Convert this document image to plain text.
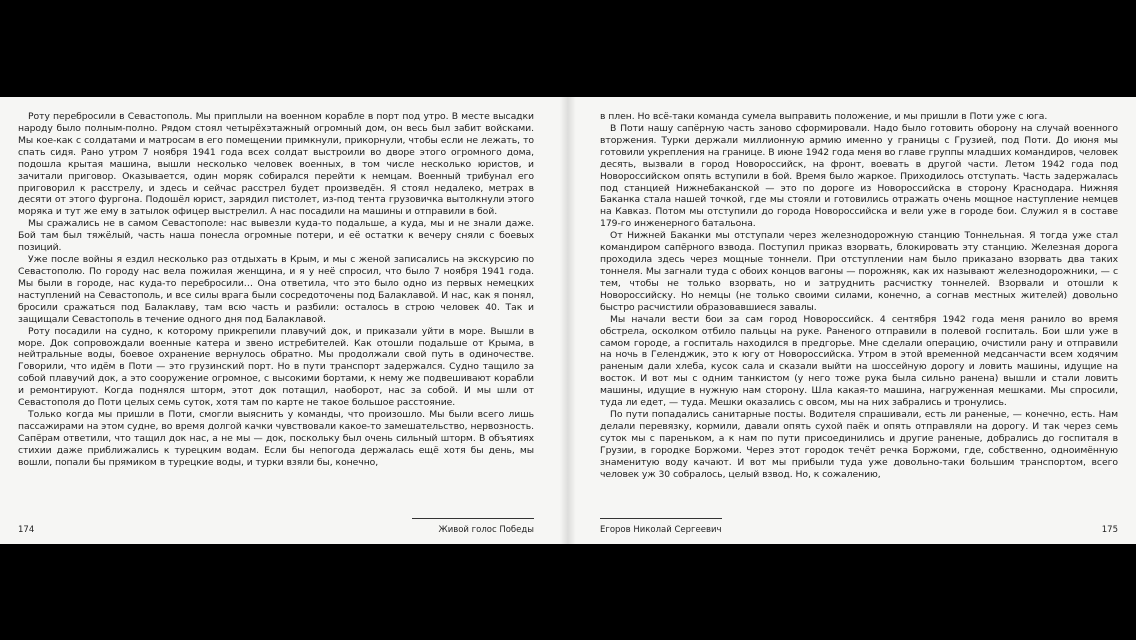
Роту перебросили в Севастополь. Мы приплыли на военном корабле в порт под утро. В месте высадки народу было полным-полно. Рядом стоял четырёхэтажный огромный дом, он весь был забит войсками. Мы кое-как с солдатами и матросам в его помещении примкнули, прикорнули, чтобы если не лежать, то спать сидя. Рано утром 7 ноября 1941 года всех солдат выстроили во дворе этого огромного дома, подошла крытая машина, вышли несколько человек военных, в том числе несколько юристов, и зачитали приговор. Оказывается, один моряк собирался перейти к немцам. Военный трибунал его приговорил к расстрелу, и здесь и сейчас расстрел будет произведён. Я стоял недалеко, метрах в десяти от этого фургона. Подошёл юрист, зарядил пистолет, из-под тента грузовичка вытолкнули этого моряка и тут же ему в затылок офицер выстрелил. А нас посадили на машины и отправили в бой.

Мы сражались не в самом Севастополе: нас вывезли куда-то подальше, а куда, мы и не знали даже. Бой там был тяжёлый, часть наша понесла огромные потери, и её остатки к вечеру сняли с боевых позиций.

Уже после войны я ездил несколько раз отдыхать в Крым, и мы с женой записались на экскурсию по Севастополю. По городу нас вела пожилая женщина, и я у неё спросил, что было 7 ноября 1941 года. Мы были в городе, нас куда-то перебросили… Она ответила, что это было одно из первых немецких наступлений на Севастополь, и все силы врага были сосредоточены под Балаклавой. И нас, как я понял, бросили сражаться под Балаклаву, там всю часть и разбили: осталось в строю человек 40. Так и защищали Севастополь в течение одного дня под Балаклавой.

Роту посадили на судно, к которому прикрепили плавучий док, и приказали уйти в море. Вышли в море. Док сопровождали военные катера и звено истребителей. Как отошли подальше от Крыма, в нейтральные воды, боевое охранение вернулось обратно. Мы продолжали свой путь в одиночестве. Говорили, что идём в Поти — это грузинский порт. Но в пути транспорт задержался. Судно тащило за собой плавучий док, а это сооружение огромное, с высокими бортами, к нему же подвешивают корабли и ремонтируют. Когда поднялся шторм, этот док потащил, наоборот, нас за собой. И мы шли от Севастополя до Поти целых семь суток, хотя там по карте не такое большое расстояние.

Только когда мы пришли в Поти, смогли выяснить у команды, что произошло. Мы были всего лишь пассажирами на этом судне, во время долгой качки чувствовали какое-то замешательство, нервозность. Сапёрам ответили, что тащил док нас, а не мы — док, поскольку был очень сильный шторм. В объятиях стихии даже приближались к турецким водам. Если бы непогода держалась ещё хотя бы день, мы вошли, попали бы прямиком в турецкие воды, и турки взяли бы, конечно,

174	Живой голос Победы

в плен. Но всё-таки команда сумела выправить положение, и мы пришли в Поти уже с юга.

В Поти нашу сапёрную часть заново сформировали. Надо было готовить оборону на случай военного вторжения. Турки держали миллионную армию именно у границы с Грузией, под Поти. До июня мы готовили укрепления на границе. В июне 1942 года меня во главе группы младших командиров, человек десять, вызвали в город Новороссийск, на фронт, воевать в другой части. Летом 1942 года под Новороссийском опять вступили в бой. Время было жаркое. Приходилось отступать. Часть задержалась под станцией Нижнебаканской — это по дороге из Новороссийска в сторону Краснодара. Нижняя Баканка стала нашей точкой, где мы стояли и готовились отражать очень мощное наступление немцев на Кавказ. Потом мы отступили до города Новороссийска и вели уже в городе бои. Служил я в составе 179-го инженерного батальона.

От Нижней Баканки мы отступали через железнодорожную станцию Тоннельная. Я тогда уже стал командиром сапёрного взвода. Поступил приказ взорвать, блокировать эту станцию. Железная дорога проходила здесь через мощные тоннели. При отступлении нам было приказано взорвать два таких тоннеля. Мы загнали туда с обоих концов вагоны — порожняк, как их называют железнодорожники, — с тем, чтобы не только взорвать, но и затруднить расчистку тоннелей. Взорвали и отошли к Новороссийску. Но немцы (не только своими силами, конечно, а согнав местных жителей) довольно быстро расчистили образовавшиеся завалы.

Мы начали вести бои за сам город Новороссийск. 4 сентября 1942 года меня ранило во время обстрела, осколком отбило пальцы на руке. Раненого отправили в полевой госпиталь. Бои шли уже в самом городе, а госпиталь находился в предгорье. Мне сделали операцию, очистили рану и отправили на ночь в Геленджик, это к югу от Новороссийска. Утром в этой временной медсанчасти всем ходячим раненым дали хлеба, кусок сала и сказали выйти на шоссейную дорогу и ловить машины, идущие на восток. И вот мы с одним танкистом (у него тоже рука была сильно ранена) вышли и стали ловить машины, идущие в нужную нам сторону. Шла какая-то машина, нагруженная мешками. Мы спросили, туда ли едет, — туда. Мешки оказались с овсом, мы на них забрались и тронулись.

По пути попадались санитарные посты. Водителя спрашивали, есть ли раненые, — конечно, есть. Нам делали перевязку, кормили, давали опять сухой паёк и опять отправляли на дорогу. И так через семь суток мы с пареньком, а к нам по пути присоединились и другие раненые, добрались до госпиталя в Грузии, в городке Боржоми. Через этот городок течёт речка Боржоми, где, собственно, одноимённую знаменитую воду качают. И вот мы прибыли туда уже довольно-таки большим транспортом, всего человек уж 30 собралось, целый взвод. Но, к сожалению,

Егоров Николай Сергеевич	175
